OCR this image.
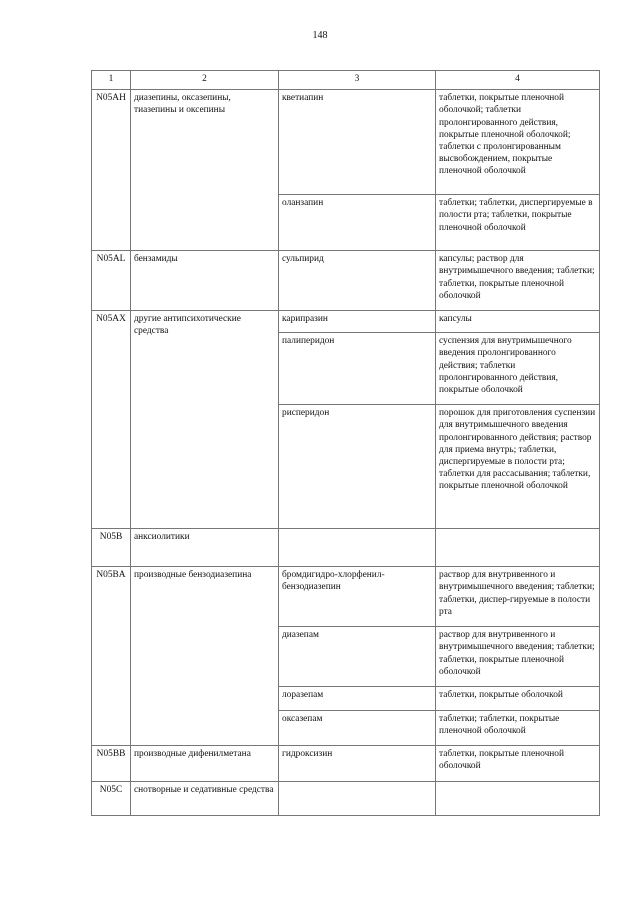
148
1	2	3	4
N05AH	диазепины, оксазепины, тиазепины и оксепины	кветиапин	таблетки, покрытые пленочной оболочкой; таблетки пролонгированного действия, покрытые пленочной оболочкой; таблетки с пролонгированным высвобождением, покрытые пленочной оболочкой
		оланзапин	таблетки; таблетки, диспергируемые в полости рта; таблетки, покрытые пленочной оболочкой
N05AL	бензамиды	сульпирид	капсулы; раствор для внутримышечного введения; таблетки; таблетки, покрытые пленочной оболочкой
N05AX	другие антипсихотические средства	карипразин	капсулы
		палиперидон	суспензия для внутримышечного введения пролонгированного действия; таблетки пролонгированного действия, покрытые оболочкой
		рисперидон	порошок для приготовления суспензии для внутримышечного введения пролонгированного действия; раствор для приема внутрь; таблетки, диспергируемые в полости рта; таблетки для рассасывания; таблетки, покрытые пленочной оболочкой
N05B	анксиолитики		
N05BA	производные бензодиазепина	бромдигидро-хлорфенил-бензодиазепин	раствор для внутривенного и внутримышечного введения; таблетки; таблетки, диспер-гируемые в полости рта
		диазепам	раствор для внутривенного и внутримышечного введения; таблетки; таблетки, покрытые пленочной оболочкой
		лоразепам	таблетки, покрытые оболочкой
		оксазепам	таблетки; таблетки, покрытые пленочной оболочкой
N05BB	производные дифенилметана	гидроксизин	таблетки, покрытые пленочной оболочкой
N05C	снотворные и седативные средства		
